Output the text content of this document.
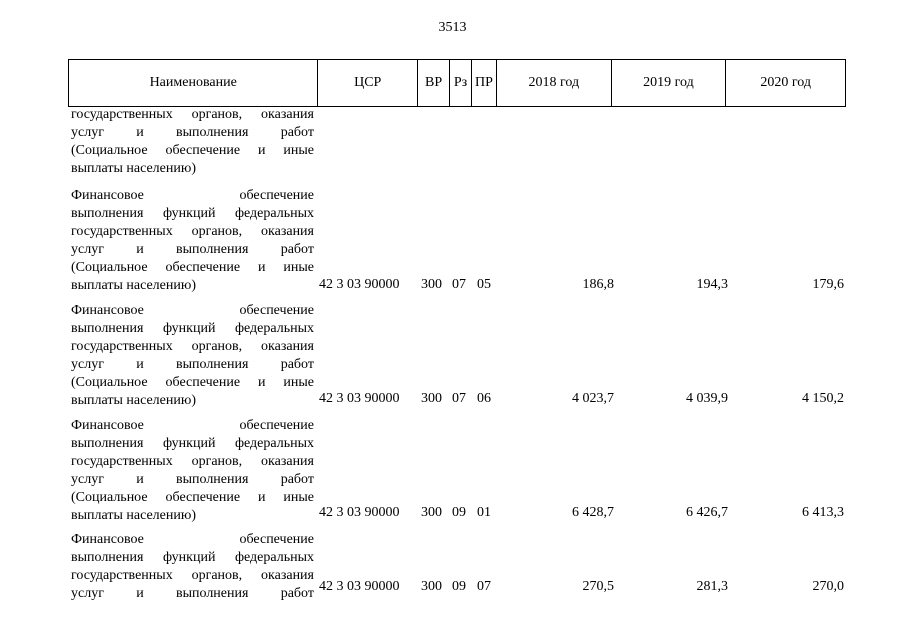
3513
Наименование	ЦСР	ВР Рз ПР	2018 год	2019 год	2020 год
государственных органов, оказания
услуг и выполнения работ
(Социальное обеспечение и иные
выплаты населению)
Финансовое обеспечение
выполнения функций федеральных
государственных органов, оказания
услуг и выполнения работ
(Социальное обеспечение и иные
выплаты населению)	42 3 03 90000	300 07 05	186,8	194,3	179,6
Финансовое обеспечение
выполнения функций федеральных
государственных органов, оказания
услуг и выполнения работ
(Социальное обеспечение и иные
выплаты населению)	42 3 03 90000	300 07 06	4 023,7	4 039,9	4 150,2
Финансовое обеспечение
выполнения функций федеральных
государственных органов, оказания
услуг и выполнения работ
(Социальное обеспечение и иные
выплаты населению)	42 3 03 90000	300 09 01	6 428,7	6 426,7	6 413,3
Финансовое обеспечение
выполнения функций федеральных
государственных органов, оказания
услуг и выполнения работ 42 3 03 90000	300 09 07	270,5	281,3	270,0
